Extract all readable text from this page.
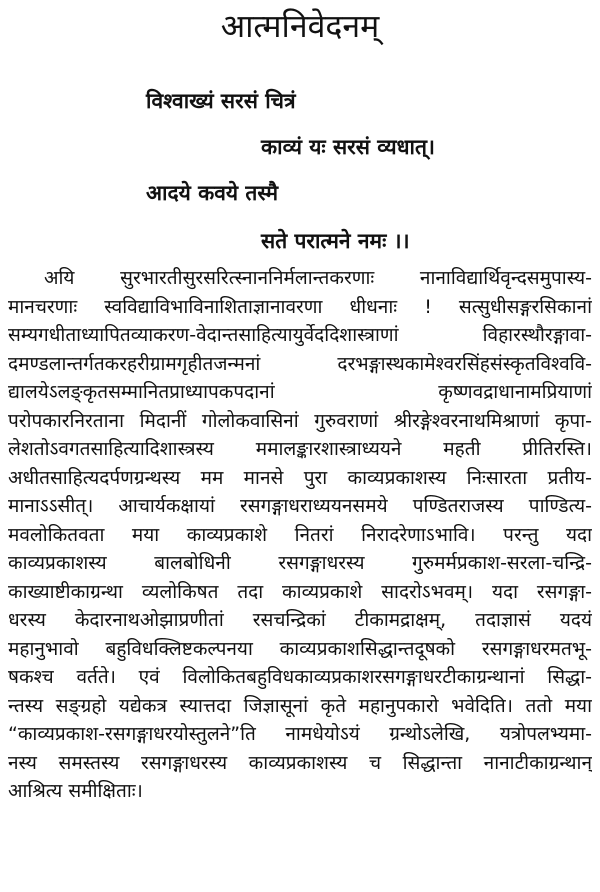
आत्मनिवेदनम्
विश्वाख्यं सरसं चित्रं
काव्यं यः सरसं व्यधात्।
आदये कवये तस्मै
सते परात्मने नमः ।।
अयि सुरभारतीसुरसरित्स्नाननिर्मलान्तकरणाः नानाविद्यार्थिवृन्दसमुपास्य-
मानचरणाः स्वविद्याविभाविनाशिताज्ञानावरणा धीधनाः ! सत्सुधीसङ्गरसिकानां
सम्यगधीताध्यापितव्याकरण-वेदान्तसाहित्यायुर्वेददिशास्त्राणां विहारस्थौरङ्गावा-
दमण्डलान्तर्गतकरहरीग्रामगृहीतजन्मनां दरभङ्गास्थकामेश्वरसिंहसंस्कृतविश्ववि-
द्यालयेऽलङ्कृतसम्मानितप्राध्यापकपदानां कृष्णवद्राधानामप्रियाणां
परोपकारनिरताना मिदानीं गोलोकवासिनां गुरुवराणां श्रीरङ्गेश्वरनाथमिश्राणां कृपा-
लेशतोऽवगतसाहित्यादिशास्त्रस्य ममालङ्कारशास्त्राध्ययने महती प्रीतिरस्ति।
अधीतसाहित्यदर्पणग्रन्थस्य मम मानसे पुरा काव्यप्रकाशस्य निःसारता प्रतीय-
मानाऽऽसीत्। आचार्यकक्षायां रसगङ्गाधराध्ययनसमये पण्डितराजस्य पाण्डित्य-
मवलोकितवता मया काव्यप्रकाशे नितरां निरादरेणाऽभावि। परन्तु यदा
काव्यप्रकाशस्य बालबोधिनी रसगङ्गाधरस्य गुरुमर्मप्रकाश-सरला-चन्द्रि-
काख्याष्टीकाग्रन्था व्यलोकिषत तदा काव्यप्रकाशे सादरोऽभवम्। यदा रसगङ्गा-
धरस्य केदारनाथओझाप्रणीतां रसचन्द्रिकां टीकामद्राक्षम्, तदाज्ञासं यदयं
महानुभावो बहुविधक्लिष्टकल्पनया काव्यप्रकाशसिद्धान्तदूषको रसगङ्गाधरमतभू-
षकश्च वर्तते। एवं विलोकितबहुविधकाव्यप्रकाशरसगङ्गाधरटीकाग्रन्थानां सिद्धा-
न्तस्य सङ्ग्रहो यद्येकत्र स्यात्तदा जिज्ञासूनां कृते महानुपकारो भवेदिति। ततो मया
“काव्यप्रकाश-रसगङ्गाधरयोस्तुलने”ति नामधेयोऽयं ग्रन्थोऽलेखि, यत्रोपलभ्यमा-
नस्य समस्तस्य रसगङ्गाधरस्य काव्यप्रकाशस्य च सिद्धान्ता नानाटीकाग्रन्थान्
आश्रित्य समीक्षिताः।
